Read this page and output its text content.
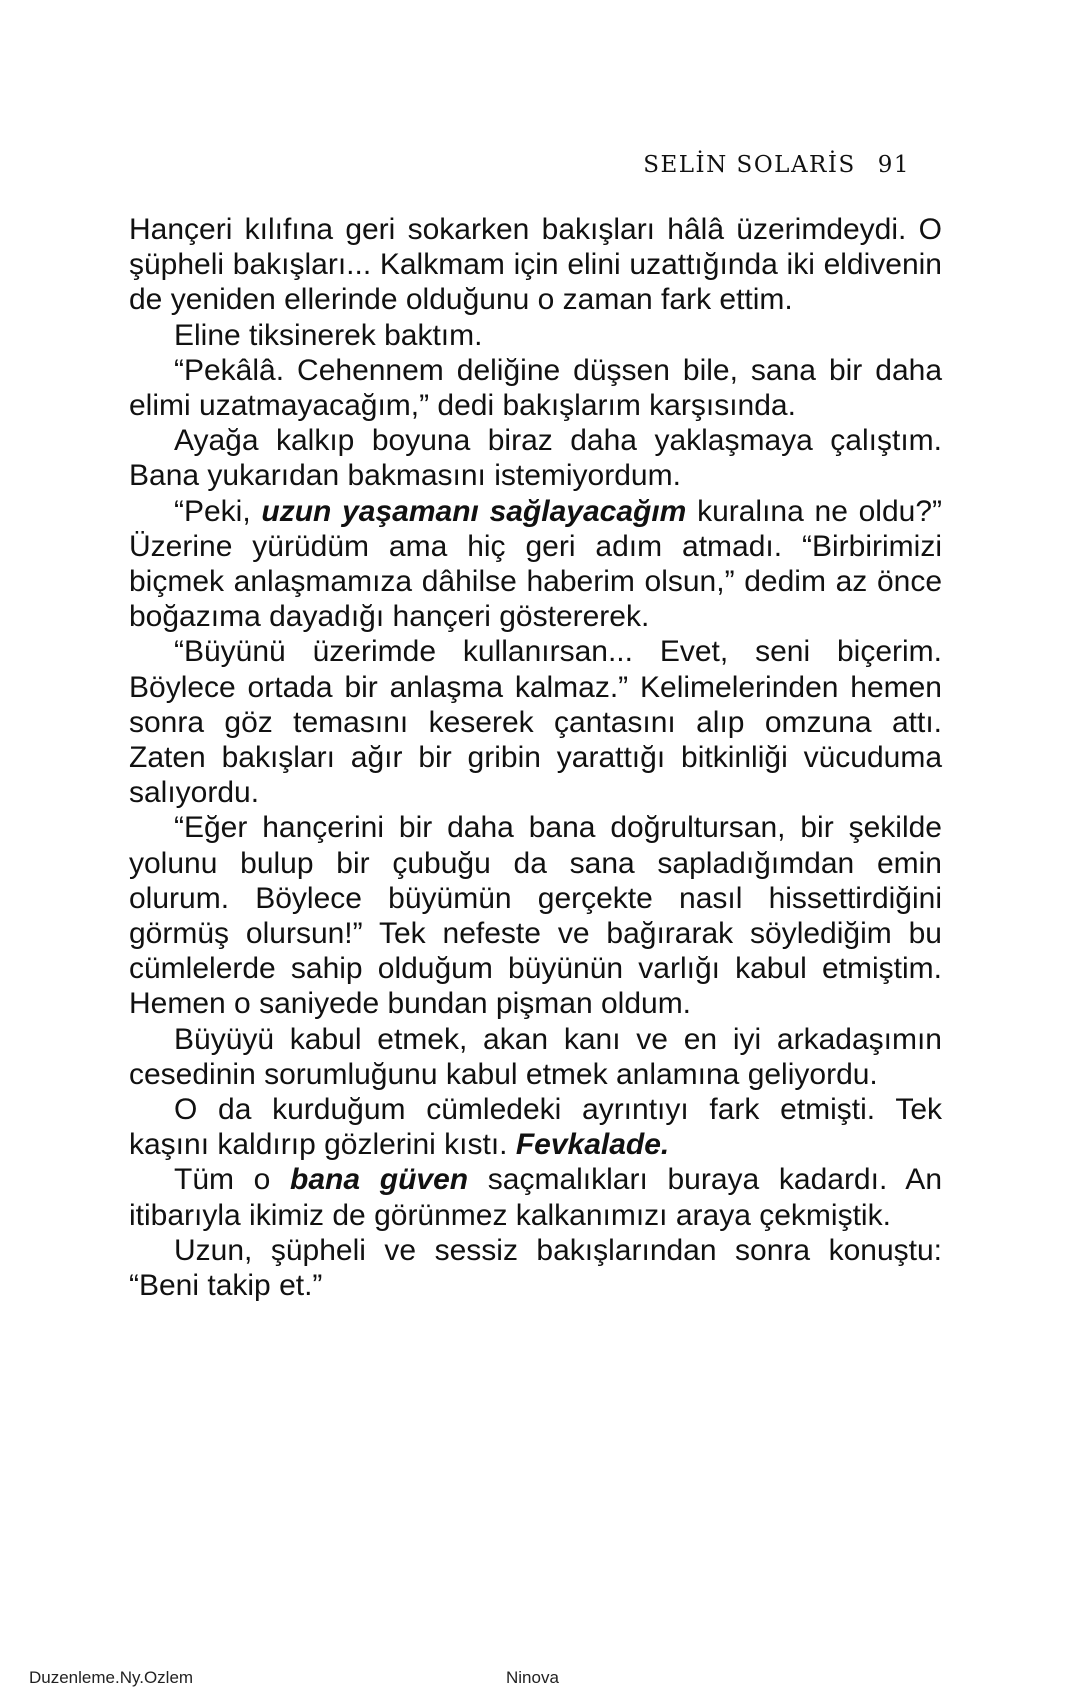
SELİN SOLARİS 91

Hançeri kılıfına geri sokarken bakışları hâlâ üzerimdeydi. O şüpheli bakışları... Kalkmam için elini uzattığında iki eldivenin de yeniden ellerinde olduğunu o zaman fark ettim.

Eline tiksinerek baktım.

“Pekâlâ. Cehennem deliğine düşsen bile, sana bir daha elimi uzatmayacağım,” dedi bakışlarım karşısında.

Ayağa kalkıp boyuna biraz daha yaklaşmaya çalıştım. Bana yukarıdan bakmasını istemiyordum.

“Peki, uzun yaşamanı sağlayacağım kuralına ne oldu?” Üzerine yürüdüm ama hiç geri adım atmadı. “Birbirimizi biçmek anlaşmamıza dâhilse haberim olsun,” dedim az önce boğazıma dayadığı hançeri göstererek.

“Büyünü üzerimde kullanırsan... Evet, seni biçerim. Böylece ortada bir anlaşma kalmaz.” Kelimelerinden hemen sonra göz temasını keserek çantasını alıp omzuna attı. Zaten bakışları ağır bir gribin yarattığı bitkinliği vücuduma salıyordu.

“Eğer hançerini bir daha bana doğrultursan, bir şekilde yolunu bulup bir çubuğu da sana sapladığımdan emin olurum. Böylece büyümün gerçekte nasıl hissettirdiğini görmüş olursun!” Tek nefeste ve bağırarak söylediğim bu cümlelerde sahip olduğum büyünün varlığı kabul etmiştim. Hemen o saniyede bundan pişman oldum.

Büyüyü kabul etmek, akan kanı ve en iyi arkadaşımın cesedinin sorumluğunu kabul etmek anlamına geliyordu.

O da kurduğum cümledeki ayrıntıyı fark etmişti. Tek kaşını kaldırıp gözlerini kıstı. Fevkalade.

Tüm o bana güven saçmalıkları buraya kadardı. An itibarıyla ikimiz de görünmez kalkanımızı araya çekmiştik.

Uzun, şüpheli ve sessiz bakışlarından sonra konuştu: “Beni takip et.”

Duzenleme.Ny.Ozlem	Ninova
